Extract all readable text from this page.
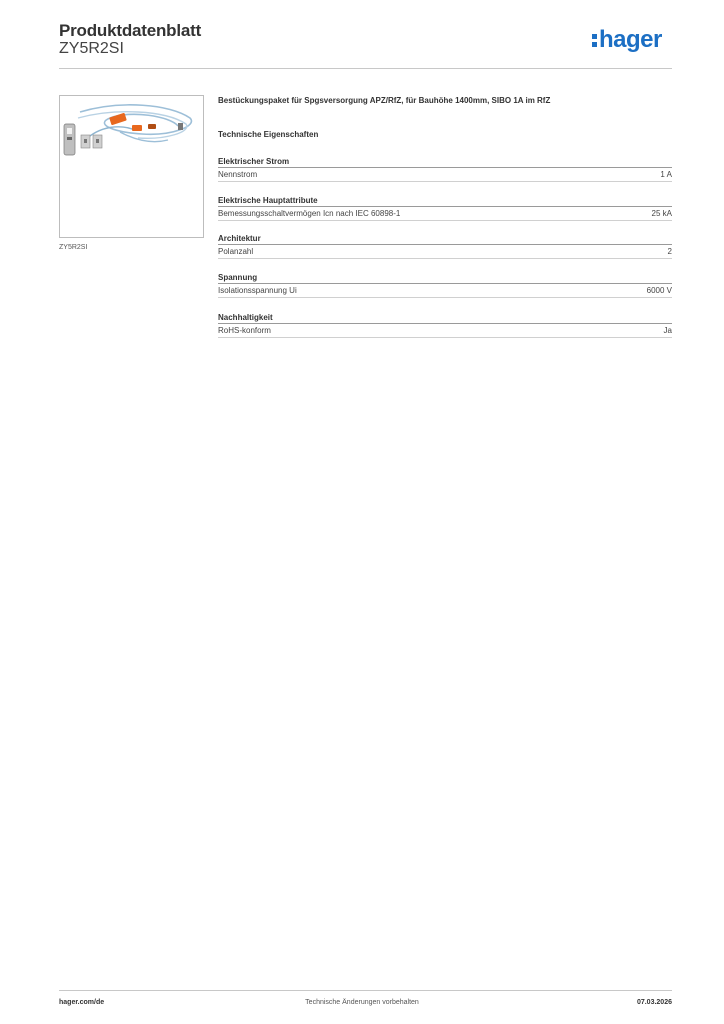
Produktdatenblatt
ZY5R2SI	hager
ZY5R2SI
Bestückungspaket für Spgsversorgung APZ/RfZ, für Bauhöhe 1400mm, SIBO 1A im RfZ
Technische Eigenschaften
Elektrischer Strom
Nennstrom	1 A
Elektrische Hauptattribute
Bemessungsschaltvermögen Icn nach IEC 60898-1	25 kA
Architektur
Polanzahl	2
Spannung
Isolationsspannung Ui	6000 V
Nachhaltigkeit
RoHS-konform	Ja
hager.com/de	Technische Änderungen vorbehalten	07.03.2026
